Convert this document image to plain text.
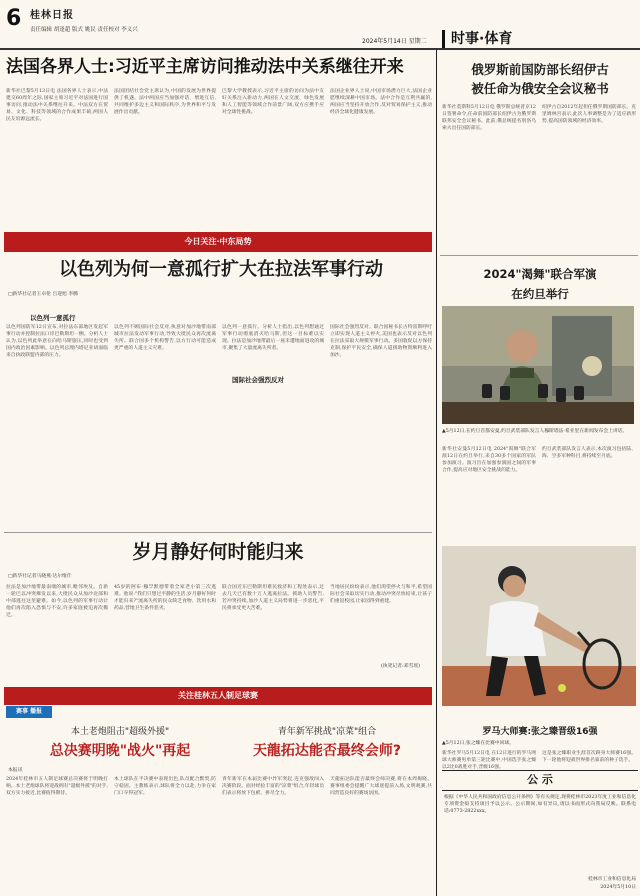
6 桂林日报
责任编辑 胡逢超 版式 姚民 责任校对 李义兴
2024年5月14日 星期二	时事·体育
法国各界人士:习近平主席访问推动法中关系继往开来
新华社巴黎5月13日电 法国各界人士表示,中法建交60周年之际,国家主席习近平对法国进行国事访问,推动法中关系继往开来。中法双方在贸易、文化、科技等领域的合作成果丰硕,两国人民友谊源远流长。
法国团结社会党主席认为,中国的发展为世界提供了机遇。法中两国应当加强对话、增进互信,共同维护多边主义和国际秩序,为世界和平与发展作出贡献。
巴黎大学教授表示,习近平主席的访问为法中友好关系注入新动力,两国在人文交流、绿色发展和人工智能等领域合作前景广阔,双方应携手应对全球性挑战。
法国企业界人士说,中国市场潜力巨大,法国企业愿继续深耕中国市场。法中合作是互利共赢的,两国应当坚持开放合作,反对贸易保护主义,推动经济全球化健康发展。
今日关注·中东局势
以色列为何一意孤行扩大在拉法军事行动
□新华社记者王卓伦 吕迎旭 李腾
以色列一意孤行
国际社会强烈反对
以色列国防军12日宣布,对拉法东部地区发起军事行动并控制拉法口岸巴勒斯坦一侧。分析人士认为,以色列此举意在向哈马斯施压,同时也受到国内政治因素影响。以色列总理内塔尼亚胡面临来自执政联盟内部的压力。
以色列不顾国际社会反对,执意对加沙地带南部城市拉法发动军事行动,导致大批民众再次流离失所。联合国多个机构警告,以方行动可能造成更严重的人道主义灾难。
以色列一意孤行。分析人士指出,以色列想通过军事行动彻底消灭哈马斯,但这一目标难以实现。拉法是加沙地带最后一座未遭地面进攻的城市,聚集了大量流离失所者。
国际社会强烈反对。联合国秘书长古特雷斯呼吁立即实现人道主义停火,美国也表示反对以色列在拉法采取大规模军事行动。多国敦促以方保持克制,保护平民安全,确保人道援助物资顺利进入加沙。
岁月静好何时能归来
□新华社记者马晓燕·达尔维什
拉法是加沙地带最南端的城市,毗邻埃及。自新一轮巴以冲突爆发以来,大批民众从加沙北部和中部逃往这里避难。如今,以色列的军事行动让他们再次陷入恐惧与不安,许多家庭被迫再次搬迁。
45岁的阿布·穆罕默德带着全家老小第三次逃难。他说:"我们只想过平静的生活,岁月静好何时才能归来?"流离失所的民众缺乏食物、饮用水和药品,营地卫生条件恶劣。
联合国近东巴勒斯坦难民救济和工程处表示,过去几天已有数十万人逃离拉法。援助人员警告,若冲突持续,加沙人道主义局势将进一步恶化,平民将承受更大苦难。
当地居民纷纷表示,他们渴望停火与和平,希望国际社会采取切实行动,推动冲突尽快结束,让孩子们重返校园,让家园得到重建。
(执笔记者:邓雪瑶)
关注桂林五人制足球赛
赛事 播报
本土老炮阻击"超级外援"
总决赛明晚"战火"再起
青年新军挑战"凉菜"组合
天龍拓达能否最终会师?
本报讯
2024年桂林市五人制足球赛总决赛将于明晚打响。本土老炮球队将迎战拥有"超级外援"的对手,双方实力接近,比赛值得期待。
本土球队在半决赛中表现出色,队员配合默契,防守稳固。主教练表示,球队将全力以赴,力争在家门口夺得冠军。
青年新军在本届比赛中异军突起,连克强敌闯入决赛阶段。面对经验丰富的"凉菜"组合,年轻球员们表示将放下包袱、拼尽全力。
天龍拓达队能否最终会师决赛,将在本周揭晓。赛事组委会提醒广大球迷提前入场,文明观赛,共同营造良好的赛场氛围。
俄罗斯前国防部长绍伊古
被任命为俄安全会议秘书
新华社莫斯科5月12日电 俄罗斯总统普京12日签署命令,任命前国防部长绍伊古为俄罗斯联邦安全会议秘书。此前,俄总统提名别洛乌索夫出任国防部长。
绍伊古自2012年起担任俄罗斯国防部长。克里姆林宫表示,此次人事调整是为了适应新形势,提高国防领域的经济效率。
2024"渴舞"联合军演
在约旦举行
▲5月12日,在约旦首都安曼,约旦武装部队发言人穆斯塔法·希亚里在新闻发布会上讲话。
新华社安曼5月12日电 2024"渴舞"联合军演12日在约旦举行,来自30多个国家的军队参加演习。演习旨在加强参演国之间的军事合作,提高应对地区安全挑战的能力。
约旦武装部队发言人表示,本次演习包括陆、海、空多军种科目,将持续至月底。
罗马大师赛:张之臻晋级16强
▲5月12日,张之臻在比赛中回球。
新华社罗马5月12日电 在12日进行的罗马网球大师赛男单第三轮比赛中,中国选手张之臻以2比0战胜对手,晋级16强。
这是张之臻职业生涯首次跻身大师赛16强。下一轮他将迎战世界排名靠前的种子选手。
公 示
根据《中华人民共和国政府信息公开条例》等有关规定,现将桂林市2023年度工业和信息化专项资金拟支持项目予以公示。公示期间,如有异议,请以书面形式向我局反映。联系电话:0773-2822xxx。
桂林市工业和信息化局
2024年5月10日
